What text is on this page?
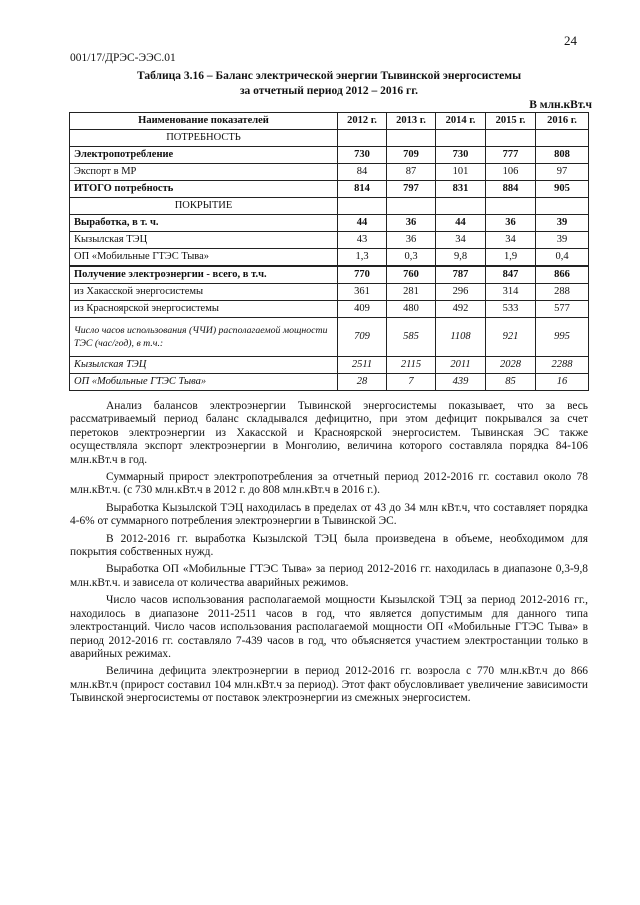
001/17/ДРЭС-ЭЭС.01
24
Таблица 3.16 – Баланс электрической энергии Тывинской энергосистемы
за отчетный период 2012 – 2016 гг.
В млн.кВт.ч
Наименование показателей	2012 г.	2013 г.	2014 г.	2015 г.	2016 г.
ПОТРЕБНОСТЬ					
Электропотребление	730	709	730	777	808
Экспорт в МР	84	87	101	106	97
ИТОГО потребность	814	797	831	884	905
ПОКРЫТИЕ					
Выработка, в т. ч.	44	36	44	36	39
Кызылская ТЭЦ	43	36	34	34	39
ОП «Мобильные ГТЭС Тыва»	1,3	0,3	9,8	1,9	0,4
Получение электроэнергии - всего, в т.ч.	770	760	787	847	866
из Хакасской энергосистемы	361	281	296	314	288
из Красноярской энергосистемы	409	480	492	533	577
Число часов использования (ЧЧИ) располагаемой мощности ТЭС (час/год), в т.ч.:	709	585	1108	921	995
Кызылская ТЭЦ	2511	2115	2011	2028	2288
ОП «Мобильные ГТЭС Тыва»	28	7	439	85	16

Анализ балансов электроэнергии Тывинской энергосистемы показывает, что за весь рассматриваемый период баланс складывался дефицитно, при этом дефицит покрывался за счет перетоков электроэнергии из Хакасской и Красноярской энергосистем. Тывинская ЭС также осуществляла экспорт электроэнергии в Монголию, величина которого составляла порядка 84-106 млн.кВт.ч в год.

Суммарный прирост электропотребления за отчетный период 2012-2016 гг. составил около 78 млн.кВт.ч. (с 730 млн.кВт.ч в 2012 г. до 808 млн.кВт.ч в 2016 г.).

Выработка Кызылской ТЭЦ находилась в пределах от 43 до 34 млн кВт.ч, что составляет порядка 4-6% от суммарного потребления электроэнергии в Тывинской ЭС.

В 2012-2016 гг. выработка Кызылской ТЭЦ была произведена в объеме, необходимом для покрытия собственных нужд.

Выработка ОП «Мобильные ГТЭС Тыва» за период 2012-2016 гг. находилась в диапазоне 0,3-9,8 млн.кВт.ч. и зависела от количества аварийных режимов.

Число часов использования располагаемой мощности Кызылской ТЭЦ за период 2012-2016 гг., находилось в диапазоне 2011-2511 часов в год, что является допустимым для данного типа электростанций. Число часов использования располагаемой мощности ОП «Мобильные ГТЭС Тыва» в период 2012-2016 гг. составляло 7-439 часов в год, что объясняется участием электростанции только в аварийных режимах.

Величина дефицита электроэнергии в период 2012-2016 гг. возросла с 770 млн.кВт.ч до 866 млн.кВт.ч (прирост составил 104 млн.кВт.ч за период). Этот факт обусловливает увеличение зависимости Тывинской энергосистемы от поставок электроэнергии из смежных энергосистем.
